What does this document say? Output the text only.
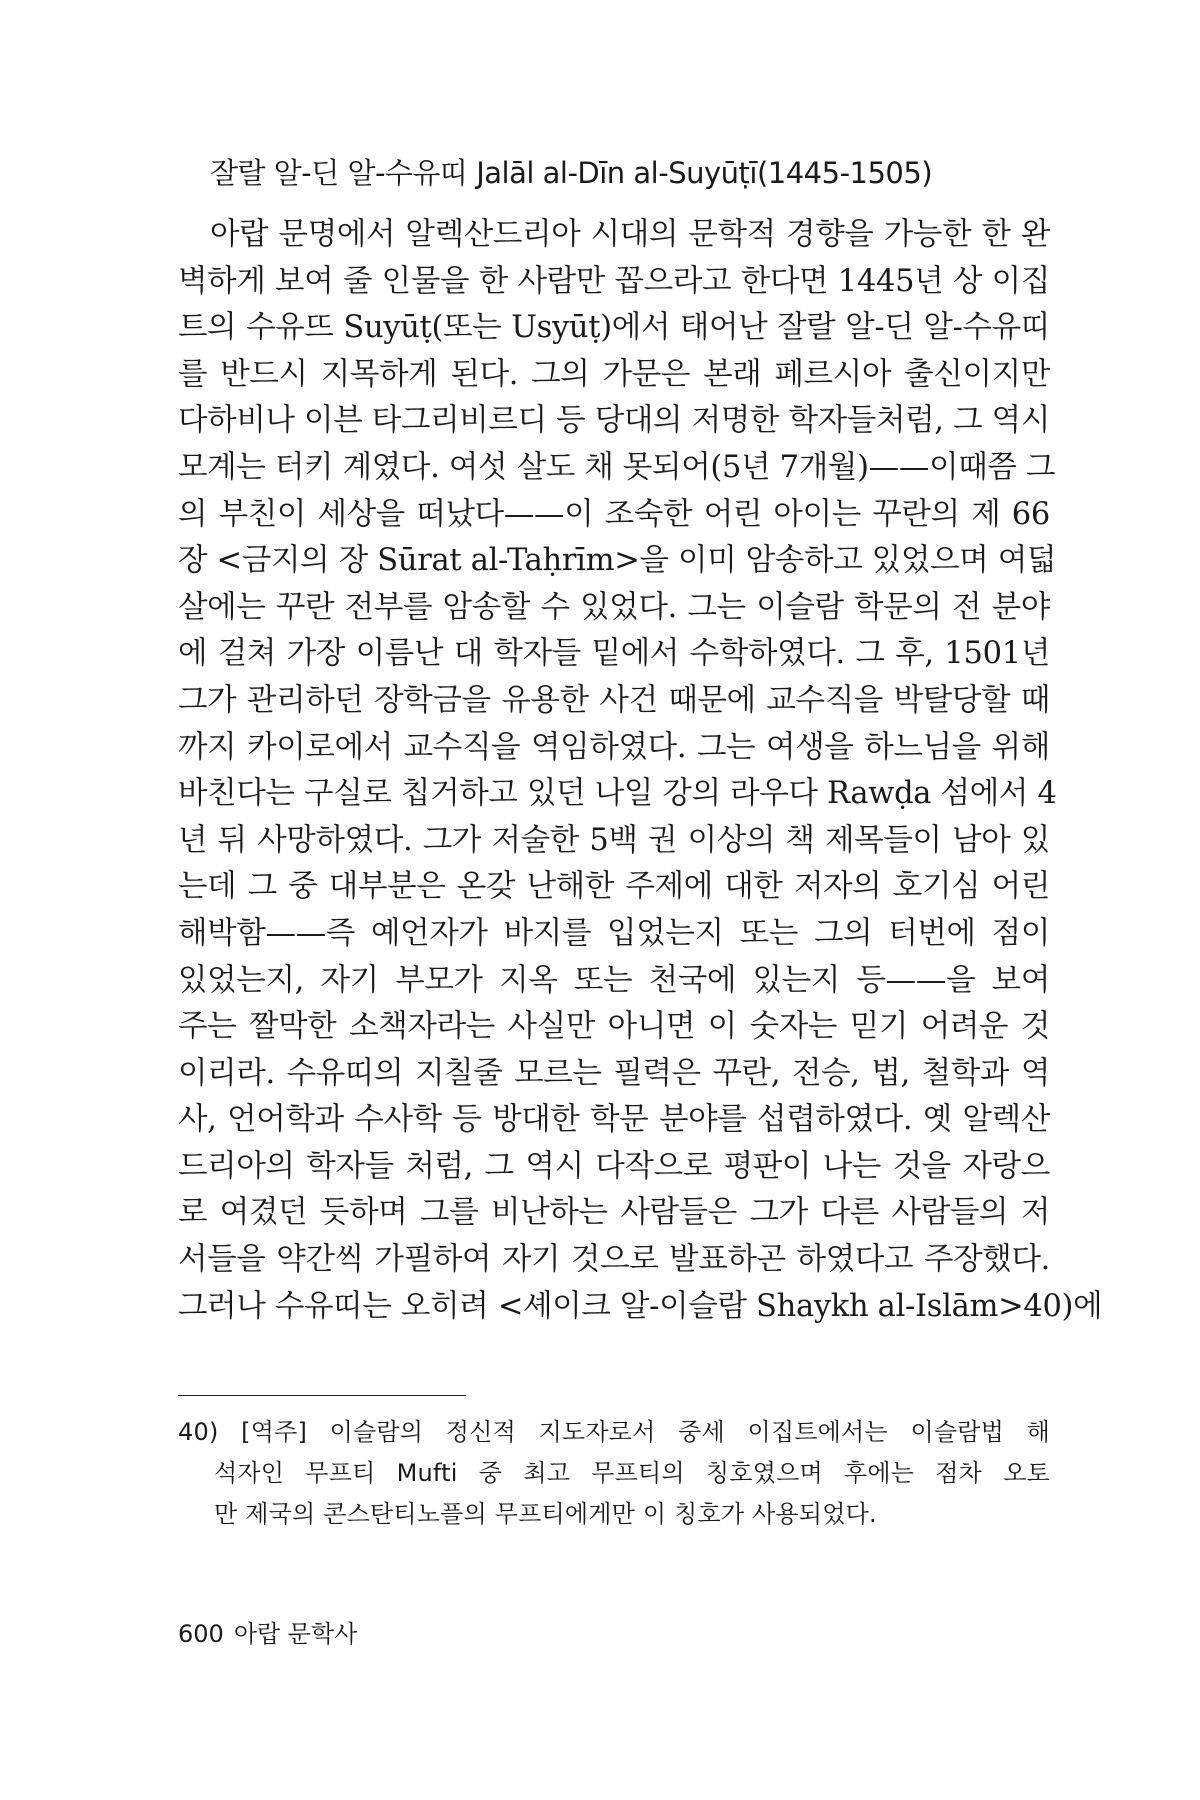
잘랄 알-딘 알-수유띠 Jalāl al-Dīn al-Suyūṭī(1445-1505)
아랍 문명에서 알렉산드리아 시대의 문학적 경향을 가능한 한 완
벽하게 보여 줄 인물을 한 사람만 꼽으라고 한다면 1445년 상 이집
트의 수유뜨 Suyūṭ(또는 Usyūṭ)에서 태어난 잘랄 알-딘 알-수유띠
를 반드시 지목하게 된다. 그의 가문은 본래 페르시아 출신이지만
다하비나 이븐 타그리비르디 등 당대의 저명한 학자들처럼, 그 역시
모계는 터키 계였다. 여섯 살도 채 못되어(5년 7개월)——이때쯤 그
의 부친이 세상을 떠났다——이 조숙한 어린 아이는 꾸란의 제 66
장 <금지의 장 Sūrat al-Taḥrīm>을 이미 암송하고 있었으며 여덟
살에는 꾸란 전부를 암송할 수 있었다. 그는 이슬람 학문의 전 분야
에 걸쳐 가장 이름난 대 학자들 밑에서 수학하였다. 그 후, 1501년
그가 관리하던 장학금을 유용한 사건 때문에 교수직을 박탈당할 때
까지 카이로에서 교수직을 역임하였다. 그는 여생을 하느님을 위해
바친다는 구실로 칩거하고 있던 나일 강의 라우다 Rawḍa 섬에서 4
년 뒤 사망하였다. 그가 저술한 5백 권 이상의 책 제목들이 남아 있
는데 그 중 대부분은 온갖 난해한 주제에 대한 저자의 호기심 어린
해박함——즉 예언자가 바지를 입었는지 또는 그의 터번에 점이
있었는지, 자기 부모가 지옥 또는 천국에 있는지 등——을 보여
주는 짤막한 소책자라는 사실만 아니면 이 숫자는 믿기 어려운 것
이리라. 수유띠의 지칠줄 모르는 필력은 꾸란, 전승, 법, 철학과 역
사, 언어학과 수사학 등 방대한 학문 분야를 섭렵하였다. 옛 알렉산
드리아의 학자들 처럼, 그 역시 다작으로 평판이 나는 것을 자랑으
로 여겼던 듯하며 그를 비난하는 사람들은 그가 다른 사람들의 저
서들을 약간씩 가필하여 자기 것으로 발표하곤 하였다고 주장했다.
그러나 수유띠는 오히려 <셰이크 알-이슬람 Shaykh al-Islām>40)에
40) [역주] 이슬람의 정신적 지도자로서 중세 이집트에서는 이슬람법 해
석자인 무프티 Mufti 중 최고 무프티의 칭호였으며 후에는 점차 오토
만 제국의 콘스탄티노플의 무프티에게만 이 칭호가 사용되었다.
600 아랍 문학사
